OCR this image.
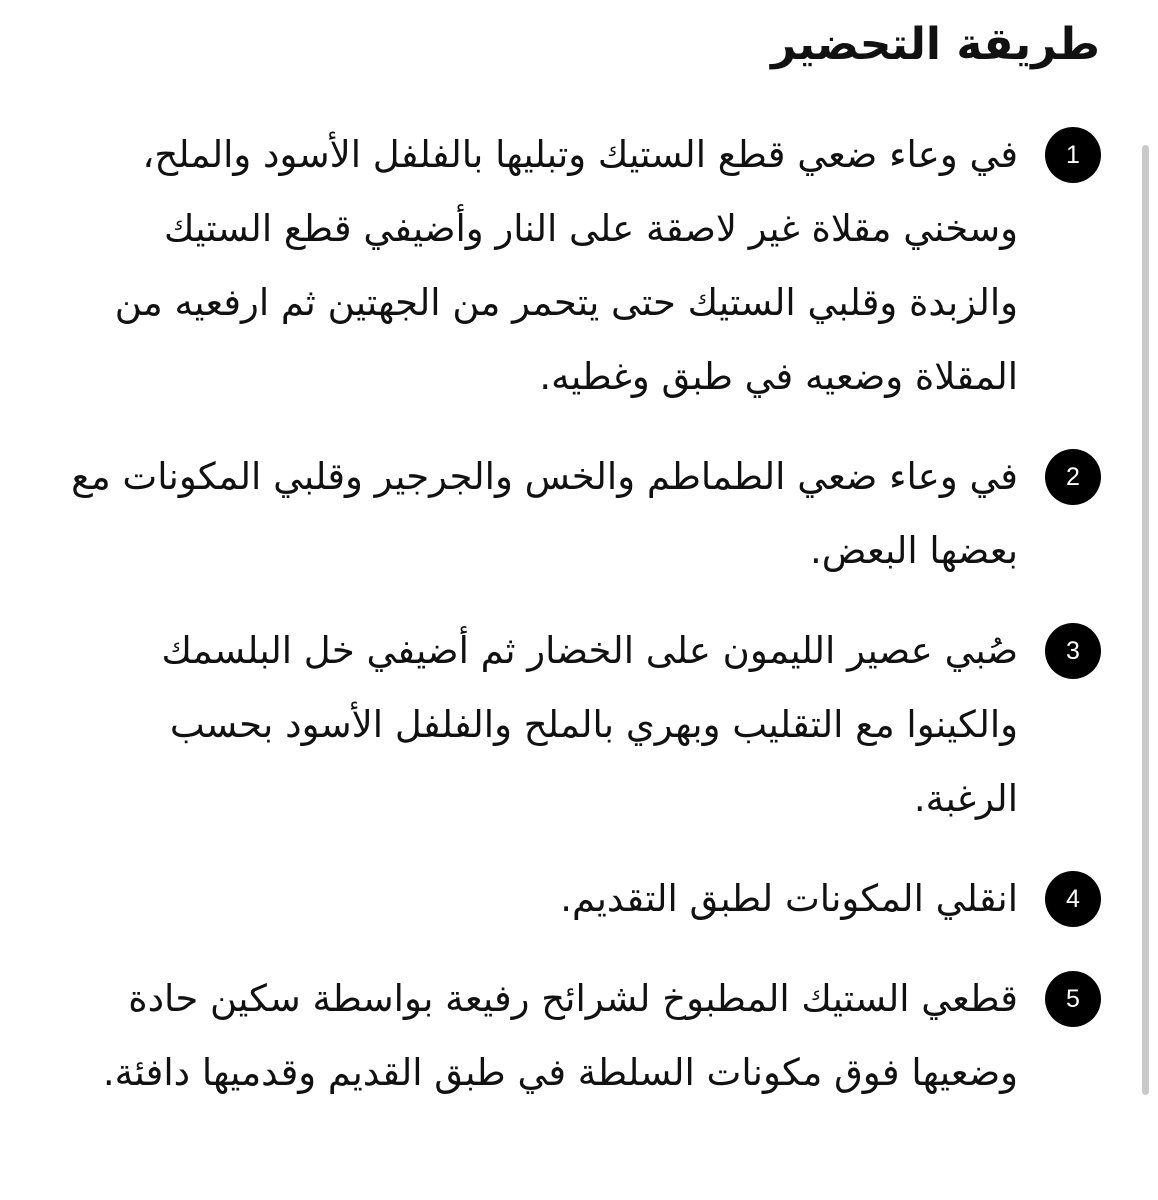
طريقة التحضير
1
في وعاء ضعي قطع الستيك وتبليها بالفلفل الأسود والملح، وسخني مقلاة غير لاصقة على النار وأضيفي قطع الستيك والزبدة وقلبي الستيك حتى يتحمر من الجهتين ثم ارفعيه من المقلاة وضعيه في طبق وغطيه.
2
في وعاء ضعي الطماطم والخس والجرجير وقلبي المكونات مع بعضها البعض.
3
صُبي عصير الليمون على الخضار ثم أضيفي خل البلسمك والكينوا مع التقليب وبهري بالملح والفلفل الأسود بحسب الرغبة.
4
انقلي المكونات لطبق التقديم.
5
قطعي الستيك المطبوخ لشرائح رفيعة بواسطة سكين حادة وضعيها فوق مكونات السلطة في طبق القديم وقدميها دافئة.
